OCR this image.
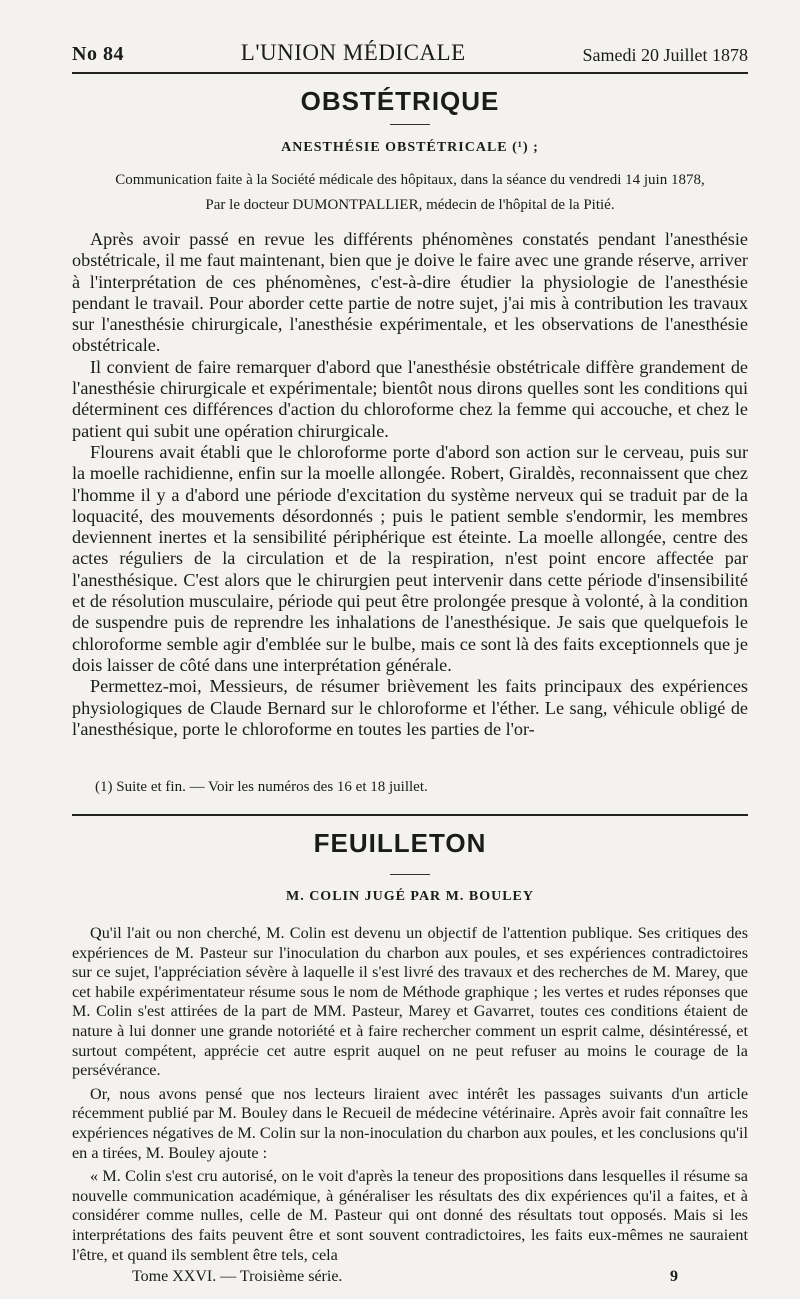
No 84	L'UNION MÉDICALE	Samedi 20 Juillet 1878
OBSTÉTRIQUE
ANESTHÉSIE OBSTÉTRICALE (¹) ;
Communication faite à la Société médicale des hôpitaux, dans la séance du vendredi 14 juin 1878,
Par le docteur DUMONTPALLIER, médecin de l'hôpital de la Pitié.

Après avoir passé en revue les différents phénomènes constatés pendant l'anesthésie obstétricale, il me faut maintenant, bien que je doive le faire avec une grande réserve, arriver à l'interprétation de ces phénomènes, c'est-à-dire étudier la physiologie de l'anesthésie pendant le travail. Pour aborder cette partie de notre sujet, j'ai mis à contribution les travaux sur l'anesthésie chirurgicale, l'anesthésie expérimentale, et les observations de l'anesthésie obstétricale.

Il convient de faire remarquer d'abord que l'anesthésie obstétricale diffère grandement de l'anesthésie chirurgicale et expérimentale; bientôt nous dirons quelles sont les conditions qui déterminent ces différences d'action du chloroforme chez la femme qui accouche, et chez le patient qui subit une opération chirurgicale.

Flourens avait établi que le chloroforme porte d'abord son action sur le cerveau, puis sur la moelle rachidienne, enfin sur la moelle allongée. Robert, Giraldès, reconnaissent que chez l'homme il y a d'abord une période d'excitation du système nerveux qui se traduit par de la loquacité, des mouvements désordonnés ; puis le patient semble s'endormir, les membres deviennent inertes et la sensibilité périphérique est éteinte. La moelle allongée, centre des actes réguliers de la circulation et de la respiration, n'est point encore affectée par l'anesthésique. C'est alors que le chirurgien peut intervenir dans cette période d'insensibilité et de résolution musculaire, période qui peut être prolongée presque à volonté, à la condition de suspendre puis de reprendre les inhalations de l'anesthésique. Je sais que quelquefois le chloroforme semble agir d'emblée sur le bulbe, mais ce sont là des faits exceptionnels que je dois laisser de côté dans une interprétation générale.

Permettez-moi, Messieurs, de résumer brièvement les faits principaux des expériences physiologiques de Claude Bernard sur le chloroforme et l'éther. Le sang, véhicule obligé de l'anesthésique, porte le chloroforme en toutes les parties de l'or-

(1) Suite et fin. — Voir les numéros des 16 et 18 juillet.
FEUILLETON
M. COLIN JUGÉ PAR M. BOULEY

Qu'il l'ait ou non cherché, M. Colin est devenu un objectif de l'attention publique. Ses critiques des expériences de M. Pasteur sur l'inoculation du charbon aux poules, et ses expériences contradictoires sur ce sujet, l'appréciation sévère à laquelle il s'est livré des travaux et des recherches de M. Marey, que cet habile expérimentateur résume sous le nom de Méthode graphique ; les vertes et rudes réponses que M. Colin s'est attirées de la part de MM. Pasteur, Marey et Gavarret, toutes ces conditions étaient de nature à lui donner une grande notoriété et à faire rechercher comment un esprit calme, désintéressé, et surtout compétent, apprécie cet autre esprit auquel on ne peut refuser au moins le courage de la persévérance.

Or, nous avons pensé que nos lecteurs liraient avec intérêt les passages suivants d'un article récemment publié par M. Bouley dans le Recueil de médecine vétérinaire. Après avoir fait connaître les expériences négatives de M. Colin sur la non-inoculation du charbon aux poules, et les conclusions qu'il en a tirées, M. Bouley ajoute :

« M. Colin s'est cru autorisé, on le voit d'après la teneur des propositions dans lesquelles il résume sa nouvelle communication académique, à généraliser les résultats des dix expériences qu'il a faites, et à considérer comme nulles, celle de M. Pasteur qui ont donné des résultats tout opposés. Mais si les interprétations des faits peuvent être et sont souvent contradictoires, les faits eux-mêmes ne sauraient l'être, et quand ils semblent être tels, cela

Tome XXVI. — Troisième série.	9
